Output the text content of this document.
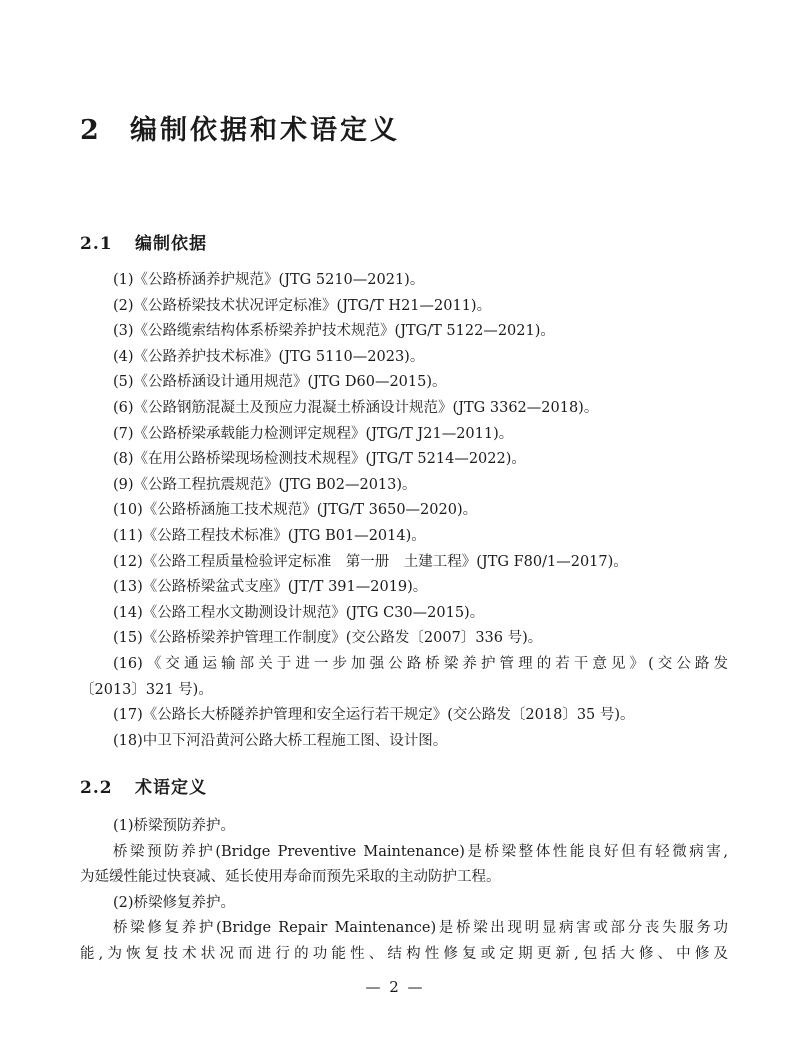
2 编制依据和术语定义
2.1 编制依据
(1)《公路桥涵养护规范》(JTG 5210—2021)。
(2)《公路桥梁技术状况评定标准》(JTG/T H21—2011)。
(3)《公路缆索结构体系桥梁养护技术规范》(JTG/T 5122—2021)。
(4)《公路养护技术标准》(JTG 5110—2023)。
(5)《公路桥涵设计通用规范》(JTG D60—2015)。
(6)《公路钢筋混凝土及预应力混凝土桥涵设计规范》(JTG 3362—2018)。
(7)《公路桥梁承载能力检测评定规程》(JTG/T J21—2011)。
(8)《在用公路桥梁现场检测技术规程》(JTG/T 5214—2022)。
(9)《公路工程抗震规范》(JTG B02—2013)。
(10)《公路桥涵施工技术规范》(JTG/T 3650—2020)。
(11)《公路工程技术标准》(JTG B01—2014)。
(12)《公路工程质量检验评定标准　第一册　土建工程》(JTG F80/1—2017)。
(13)《公路桥梁盆式支座》(JT/T 391—2019)。
(14)《公路工程水文勘测设计规范》(JTG C30—2015)。
(15)《公路桥梁养护管理工作制度》(交公路发〔2007〕336 号)。
(16)《交通运输部关于进一步加强公路桥梁养护管理的若干意见》(交公路发
〔2013〕321 号)。
(17)《公路长大桥隧养护管理和安全运行若干规定》(交公路发〔2018〕35 号)。
(18)中卫下河沿黄河公路大桥工程施工图、设计图。
2.2 术语定义
(1)桥梁预防养护。
桥梁预防养护(Bridge Preventive Maintenance)是桥梁整体性能良好但有轻微病害,
为延缓性能过快衰减、延长使用寿命而预先采取的主动防护工程。
(2)桥梁修复养护。
桥梁修复养护(Bridge Repair Maintenance)是桥梁出现明显病害或部分丧失服务功
能,为恢复技术状况而进行的功能性、结构性修复或定期更新,包括大修、中修及
— 2 —
